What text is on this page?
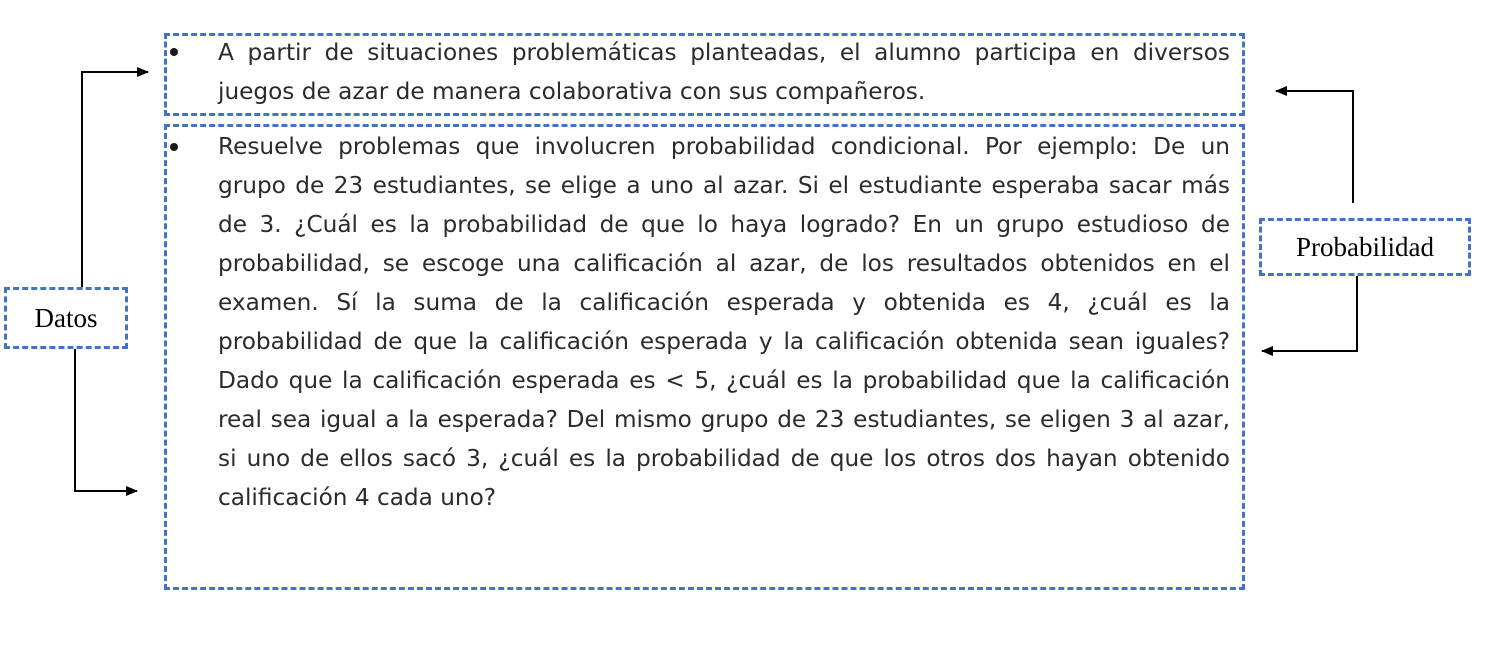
A partir de situaciones problemáticas planteadas, el alumno participa en diversos juegos de azar de manera colaborativa con sus compañeros.

Resuelve problemas que involucren probabilidad condicional. Por ejemplo: De un grupo de 23 estudiantes, se elige a uno al azar. Si el estudiante esperaba sacar más de 3. ¿Cuál es la probabilidad de que lo haya logrado? En un grupo estudioso de probabilidad, se escoge una calificación al azar, de los resultados obtenidos en el examen. Sí la suma de la calificación esperada y obtenida es 4, ¿cuál es la probabilidad de que la calificación esperada y la calificación obtenida sean iguales? Dado que la calificación esperada es < 5, ¿cuál es la probabilidad que la calificación real sea igual a la esperada? Del mismo grupo de 23 estudiantes, se eligen 3 al azar, si uno de ellos sacó 3, ¿cuál es la probabilidad de que los otros dos hayan obtenido calificación 4 cada uno?

Datos
Probabilidad
